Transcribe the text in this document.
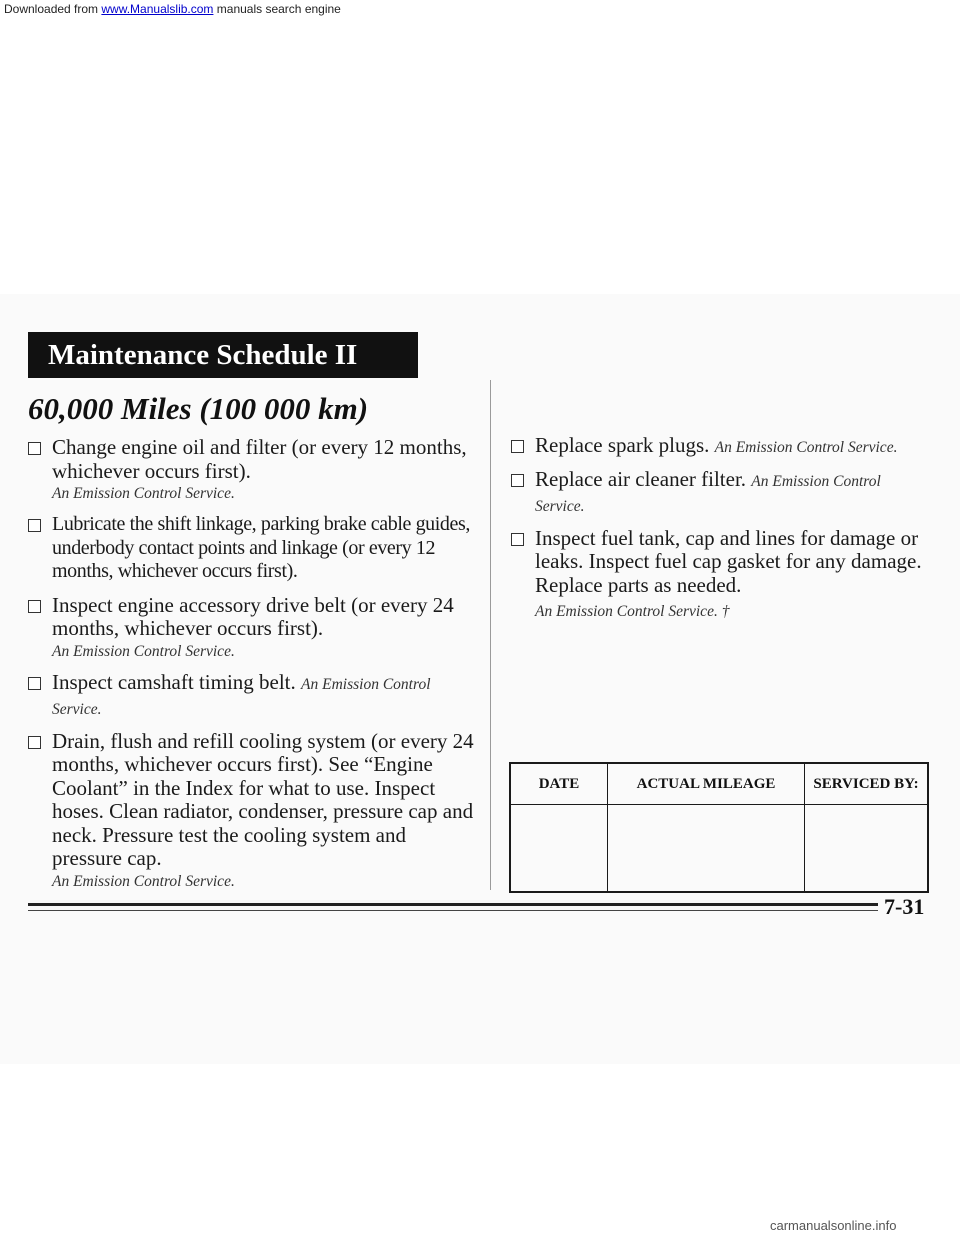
Downloaded from www.Manualslib.com manuals search engine
Maintenance Schedule II
60,000 Miles (100 000 km)
Change engine oil and filter (or every 12 months, whichever occurs first).
An Emission Control Service.
Lubricate the shift linkage, parking brake cable guides, underbody contact points and linkage (or every 12 months, whichever occurs first).
Inspect engine accessory drive belt (or every 24 months, whichever occurs first).
An Emission Control Service.
Inspect camshaft timing belt. An Emission Control Service.
Drain, flush and refill cooling system (or every 24 months, whichever occurs first). See “Engine Coolant” in the Index for what to use. Inspect hoses. Clean radiator, condenser, pressure cap and neck. Pressure test the cooling system and pressure cap.
An Emission Control Service.
Replace spark plugs. An Emission Control Service.
Replace air cleaner filter. An Emission Control Service.
Inspect fuel tank, cap and lines for damage or leaks. Inspect fuel cap gasket for any damage. Replace parts as needed.
An Emission Control Service. †
DATE	ACTUAL MILEAGE	SERVICED BY:

7-31
carmanualsonline.info
